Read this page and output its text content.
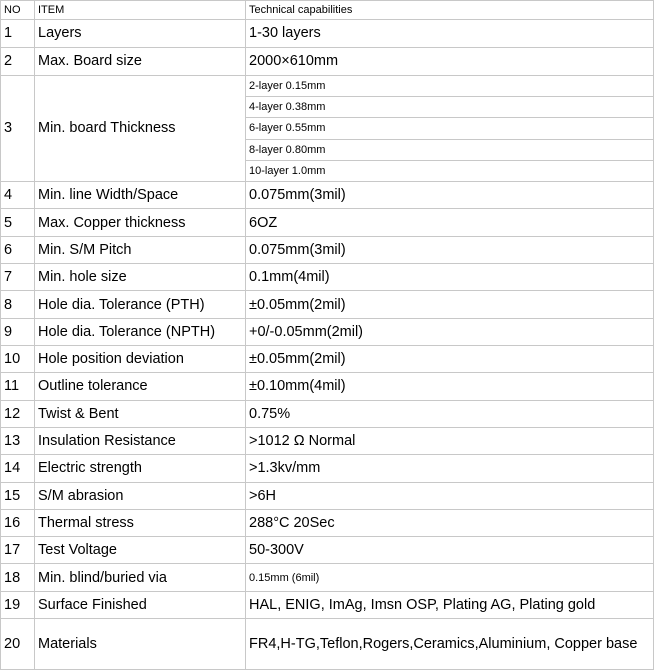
NO	ITEM	Technical capabilities
1	Layers	1-30 layers
2	Max. Board size	2000×610mm
3	Min. board Thickness	2-layer 0.15mm
		4-layer 0.38mm
		6-layer 0.55mm
		8-layer 0.80mm
		10-layer 1.0mm
4	Min. line Width/Space	0.075mm(3mil)
5	Max. Copper thickness	6OZ
6	Min. S/M Pitch	0.075mm(3mil)
7	Min. hole size	0.1mm(4mil)
8	Hole dia. Tolerance (PTH)	±0.05mm(2mil)
9	Hole dia. Tolerance (NPTH)	+0/-0.05mm(2mil)
10	Hole position deviation	±0.05mm(2mil)
11	Outline tolerance	±0.10mm(4mil)
12	Twist & Bent	0.75%
13	Insulation Resistance	>1012 Ω Normal
14	Electric strength	>1.3kv/mm
15	S/M abrasion	>6H
16	Thermal stress	288°C 20Sec
17	Test Voltage	50-300V
18	Min. blind/buried via	0.15mm (6mil)
19	Surface Finished	HAL, ENIG, ImAg, Imsn OSP, Plating AG, Plating gold
20	Materials	FR4,H-TG,Teflon,Rogers,Ceramics,Aluminium, Copper base
